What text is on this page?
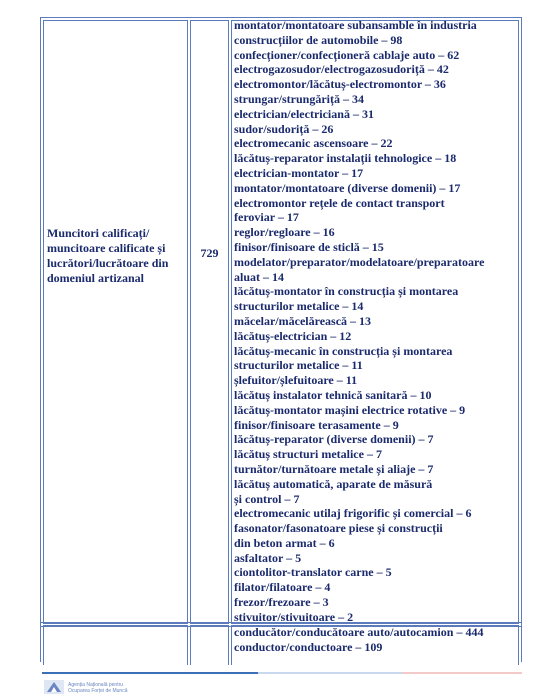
Muncitori calificați/ muncitoare calificate și lucrători/lucrătoare din domeniul artizanal
729
montator/montatoare subansamble în industria
construcțiilor de automobile – 98
confecționer/confecționeră cablaje auto – 62
electrogazosudor/electrogazosudoriță – 42
electromontor/lăcătuș-electromontor – 36
strungar/strungăriță – 34
electrician/electriciană – 31
sudor/sudoriță – 26
electromecanic ascensoare – 22
lăcătuș-reparator instalații tehnologice – 18
electrician-montator – 17
montator/montatoare (diverse domenii) – 17
electromontor rețele de contact transport
feroviar – 17
reglor/regloare – 16
finisor/finisoare de sticlă – 15
modelator/preparator/modelatoare/preparatoare
aluat – 14
lăcătuș-montator în construcția și montarea
structurilor metalice – 14
măcelar/măcelărească – 13
lăcătuș-electrician – 12
lăcătuș-mecanic în construcția și montarea
structurilor metalice – 11
șlefuitor/șlefuitoare – 11
lăcătuș instalator tehnică sanitară – 10
lăcătuș-montator mașini electrice rotative – 9
finisor/finisoare terasamente – 9
lăcătuș-reparator (diverse domenii) – 7
lăcătuș structuri metalice – 7
turnător/turnătoare metale și aliaje – 7
lăcătuș automatică, aparate de măsură
și control – 7
electromecanic utilaj frigorific și comercial – 6
fasonator/fasonatoare piese și construcții
din beton armat – 6
asfaltator – 5
ciontolitor-translator carne – 5
filator/filatoare – 4
frezor/frezoare – 3
stivuitor/stivuitoare – 2
conducător/conducătoare auto/autocamion – 444
conductor/conductoare – 109
Agenția Națională pentru
Ocuparea Forței de Muncă
